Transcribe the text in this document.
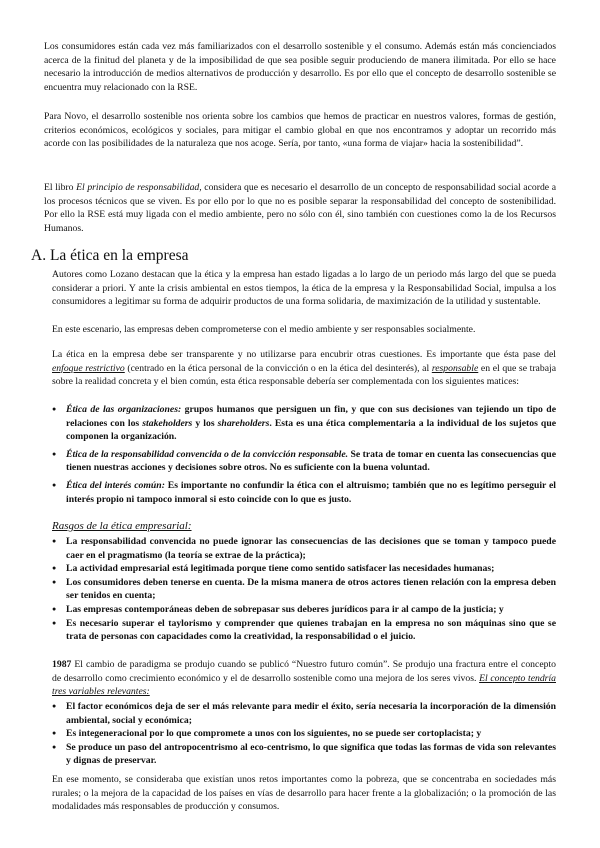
Los consumidores están cada vez más familiarizados con el desarrollo sostenible y el consumo. Además están más concienciados acerca de la finitud del planeta y de la imposibilidad de que sea posible seguir produciendo de manera ilimitada. Por ello se hace necesario la introducción de medios alternativos de producción y desarrollo. Es por ello que el concepto de desarrollo sostenible se encuentra muy relacionado con la RSE.

Para Novo, el desarrollo sostenible nos orienta sobre los cambios que hemos de practicar en nuestros valores, formas de gestión, criterios económicos, ecológicos y sociales, para mitigar el cambio global en que nos encontramos y adoptar un recorrido más acorde con las posibilidades de la naturaleza que nos acoge. Sería, por tanto, «una forma de viajar» hacia la sostenibilidad”.

El libro El principio de responsabilidad, considera que es necesario el desarrollo de un concepto de responsabilidad social acorde a los procesos técnicos que se viven. Es por ello por lo que no es posible separar la responsabilidad del concepto de sostenibilidad. Por ello la RSE está muy ligada con el medio ambiente, pero no sólo con él, sino también con cuestiones como la de los Recursos Humanos.

A. La ética en la empresa

Autores como Lozano destacan que la ética y la empresa han estado ligadas a lo largo de un periodo más largo del que se pueda considerar a priori. Y ante la crisis ambiental en estos tiempos, la ética de la empresa y la Responsabilidad Social, impulsa a los consumidores a legitimar su forma de adquirir productos de una forma solidaria, de maximización de la utilidad y sustentable.

En este escenario, las empresas deben comprometerse con el medio ambiente y ser responsables socialmente.

La ética en la empresa debe ser transparente y no utilizarse para encubrir otras cuestiones. Es importante que ésta pase del enfoque restrictivo (centrado en la ética personal de la convicción o en la ética del desinterés), al responsable en el que se trabaja sobre la realidad concreta y el bien común, esta ética responsable debería ser complementada con los siguientes matices:

● Ética de las organizaciones: grupos humanos que persiguen un fin, y que con sus decisiones van tejiendo un tipo de relaciones con los stakeholders y los shareholders. Esta es una ética complementaria a la individual de los sujetos que componen la organización.
● Ética de la responsabilidad convencida o de la convicción responsable. Se trata de tomar en cuenta las consecuencias que tienen nuestras acciones y decisiones sobre otros. No es suficiente con la buena voluntad.
● Ética del interés común: Es importante no confundir la ética con el altruismo; también que no es legítimo perseguir el interés propio ni tampoco inmoral si esto coincide con lo que es justo.
Rasgos de la ética empresarial:
● La responsabilidad convencida no puede ignorar las consecuencias de las decisiones que se toman y tampoco puede caer en el pragmatismo (la teoría se extrae de la práctica);
● La actividad empresarial está legitimada porque tiene como sentido satisfacer las necesidades humanas;
● Los consumidores deben tenerse en cuenta. De la misma manera de otros actores tienen relación con la empresa deben ser tenidos en cuenta;
● Las empresas contemporáneas deben de sobrepasar sus deberes jurídicos para ir al campo de la justicia; y
● Es necesario superar el taylorismo y comprender que quienes trabajan en la empresa no son máquinas sino que se trata de personas con capacidades como la creatividad, la responsabilidad o el juicio.

1987 El cambio de paradigma se produjo cuando se publicó “Nuestro futuro común”. Se produjo una fractura entre el concepto de desarrollo como crecimiento económico y el de desarrollo sostenible como una mejora de los seres vivos. El concepto tendría tres variables relevantes:

● El factor económicos deja de ser el más relevante para medir el éxito, sería necesaria la incorporación de la dimensión ambiental, social y económica;
● Es integeneracional por lo que compromete a unos con los siguientes, no se puede ser cortoplacista; y
● Se produce un paso del antropocentrismo al eco-centrismo, lo que significa que todas las formas de vida son relevantes y dignas de preservar.

En ese momento, se consideraba que existían unos retos importantes como la pobreza, que se concentraba en sociedades más rurales; o la mejora de la capacidad de los países en vías de desarrollo para hacer frente a la globalización; o la promoción de las modalidades más responsables de producción y consumos.
